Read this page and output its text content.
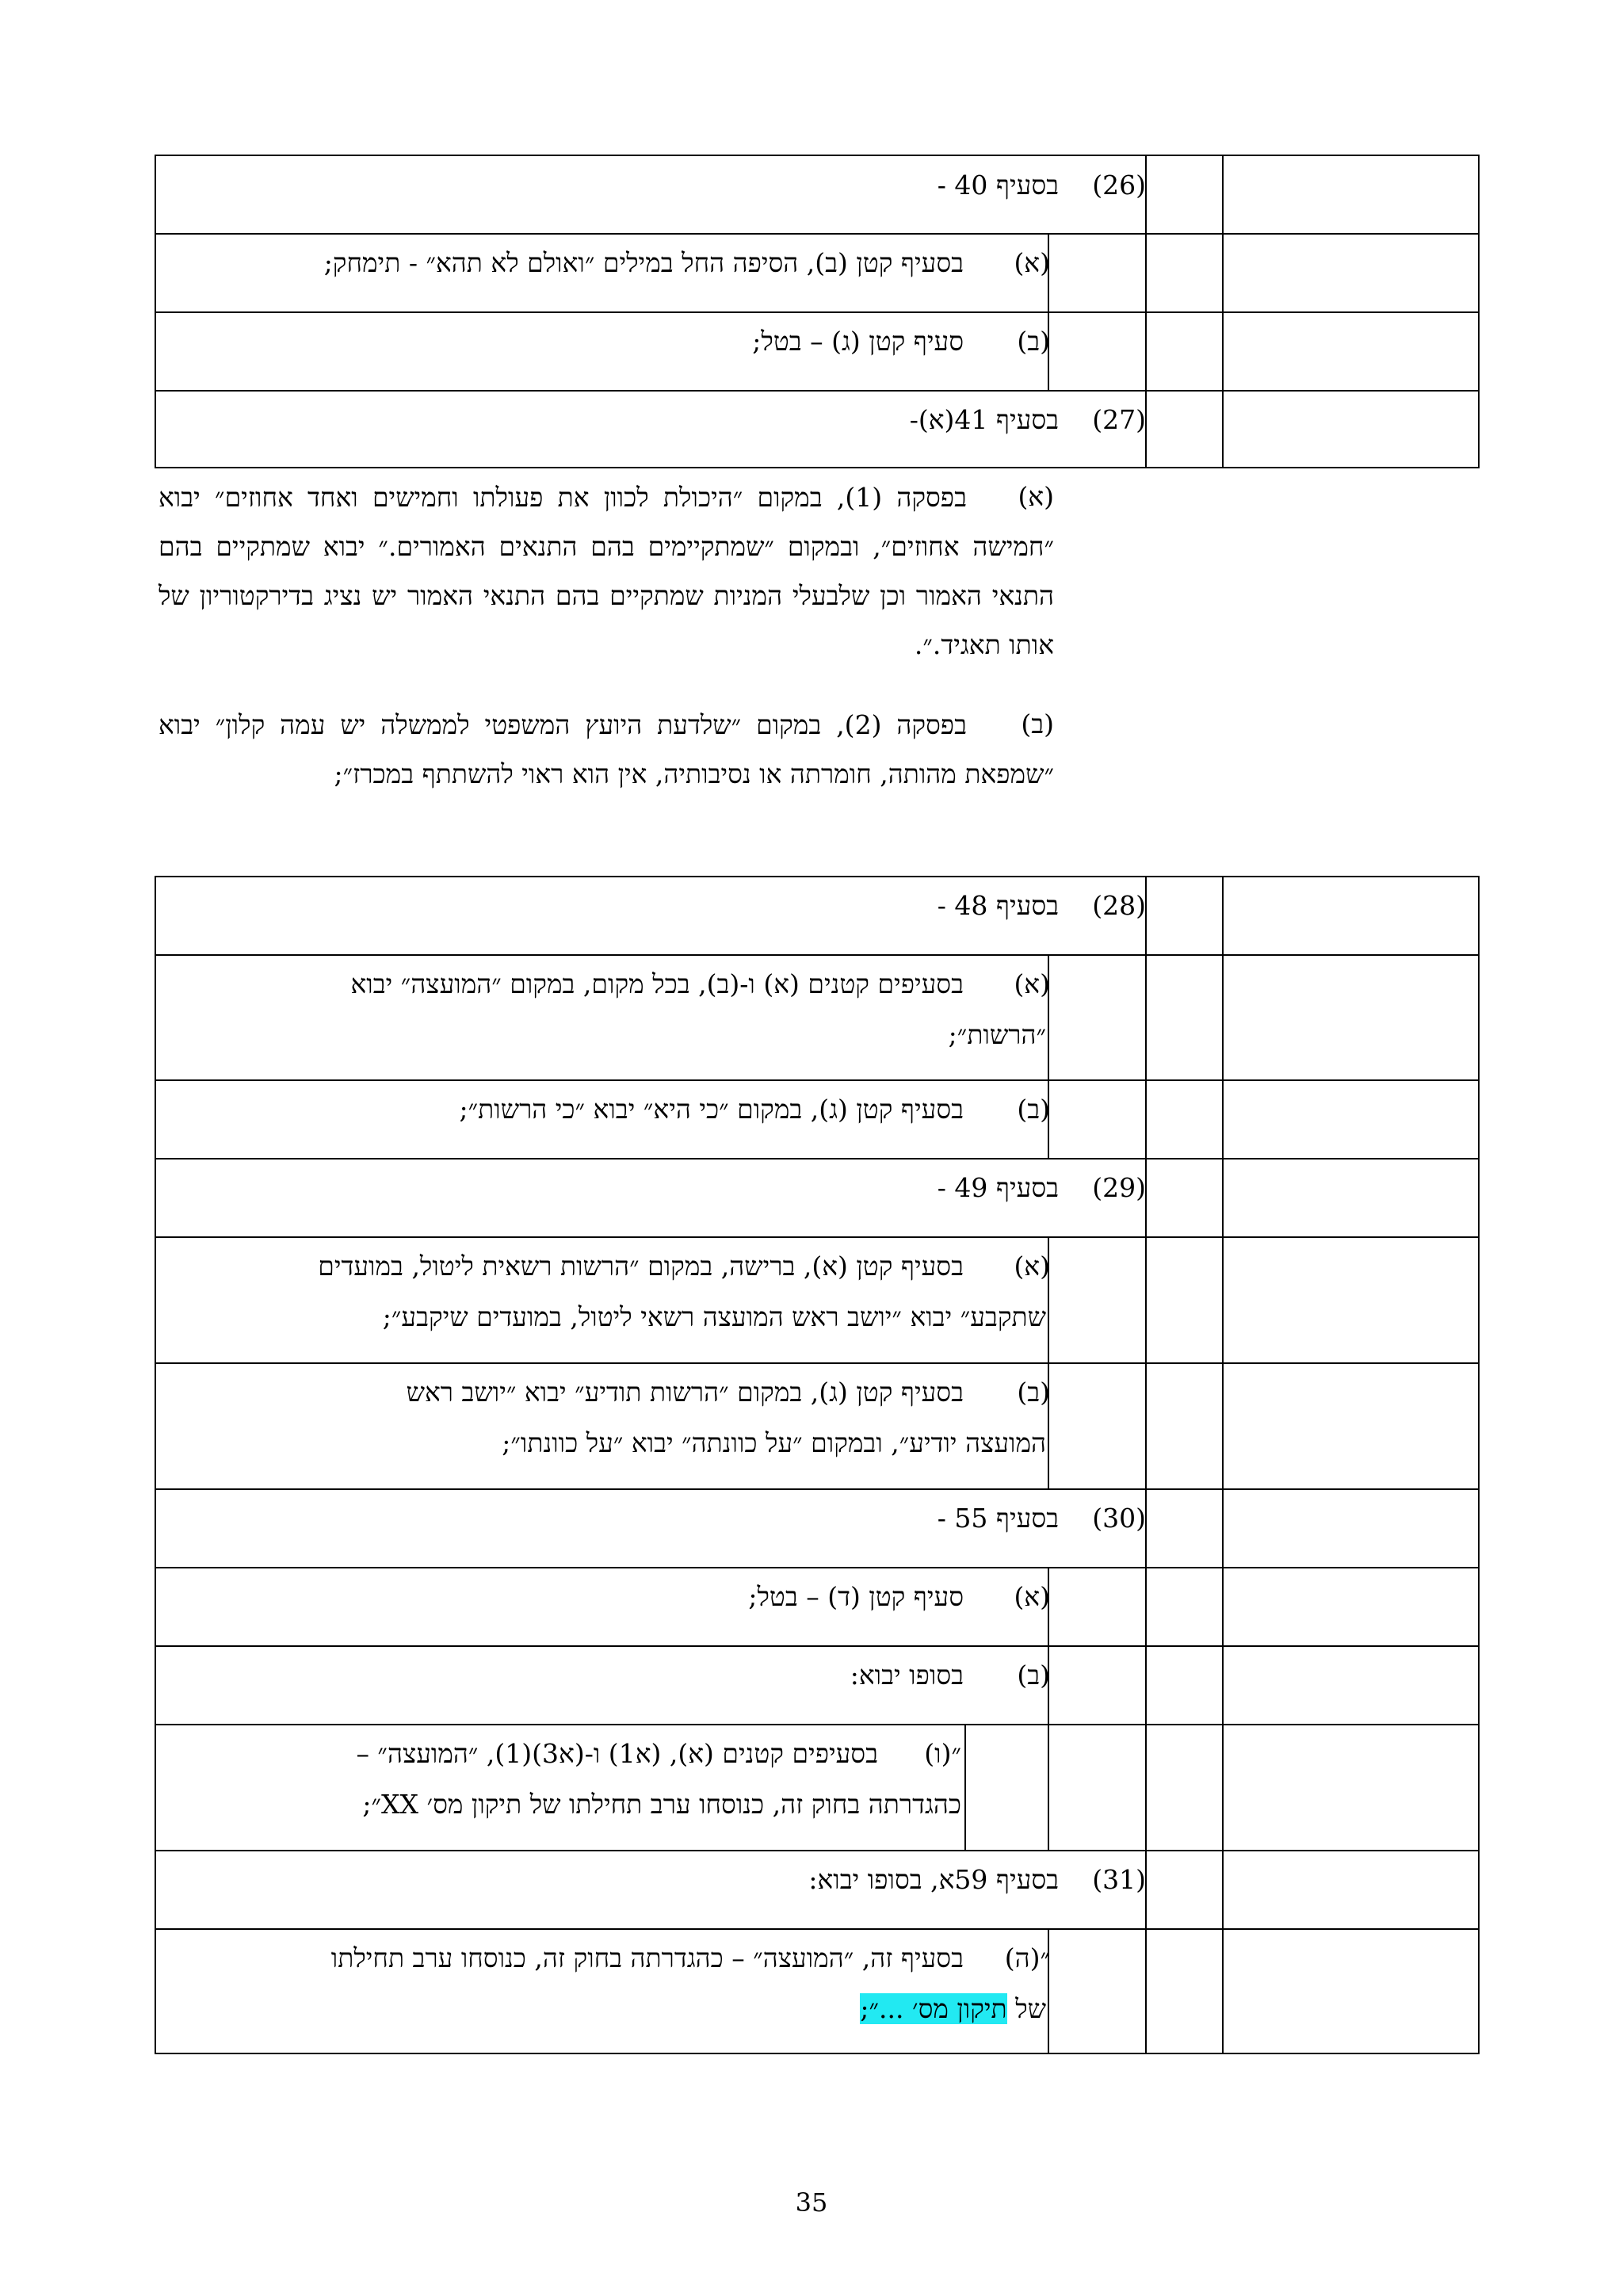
(26)
בסעיף 40 -
(א)
בסעיף קטן (ב), הסיפה החל במילים ״ואולם לא תהא״ - תימחק;
(ב)
סעיף קטן (ג) – בטל;
(27)
בסעיף 41(א)-
(א)
בפסקה (1), במקום ״היכולת לכוון את פעולתו וחמישים ואחד אחוזים״ יבוא ״חמישה אחוזים״, ובמקום ״שמתקיימים בהם התנאים האמורים.״ יבוא שמתקיים בהם התנאי האמור וכן שלבעלי המניות שמתקיים בהם התנאי האמור יש נציג בדירקטוריון של אותו תאגיד.״.
(ב)
בפסקה (2), במקום ״שלדעת היועץ המשפטי לממשלה יש עמה קלון״ יבוא ״שמפאת מהותה, חומרתה או נסיבותיה, אין הוא ראוי להשתתף במכרז״;
(28)
בסעיף 48 -
(א)
בסעיפים קטנים (א) ו-(ב), בכל מקום, במקום ״המועצה״ יבוא
״הרשות״;
(ב)
בסעיף קטן (ג), במקום ״כי היא״ יבוא ״כי הרשות״;
(29)
בסעיף 49 -
(א)
בסעיף קטן (א), ברישה, במקום ״הרשות רשאית ליטול, במועדים
שתקבע״ יבוא ״יושב ראש המועצה רשאי ליטול, במועדים שיקבע״;
(ב)
בסעיף קטן (ג), במקום ״הרשות תודיע״ יבוא ״יושב ראש
המועצה יודיע״, ובמקום ״על כוונתה״ יבוא ״על כוונתו״;
(30)
בסעיף 55 -
(א)
סעיף קטן (ד) – בטל;
(ב)
בסופו יבוא:
״(ו)
בסעיפים קטנים (א), (א1) ו-(א3)(1), ״המועצה״ –
כהגדרתה בחוק זה, כנוסחו ערב תחילתו של תיקון מס׳ XX״;
(31)
בסעיף 59א, בסופו יבוא:
״(ה)
בסעיף זה, ״המועצה״ – כהגדרתה בחוק זה, כנוסחו ערב תחילתו
של תיקון מס׳ ...״;
35
